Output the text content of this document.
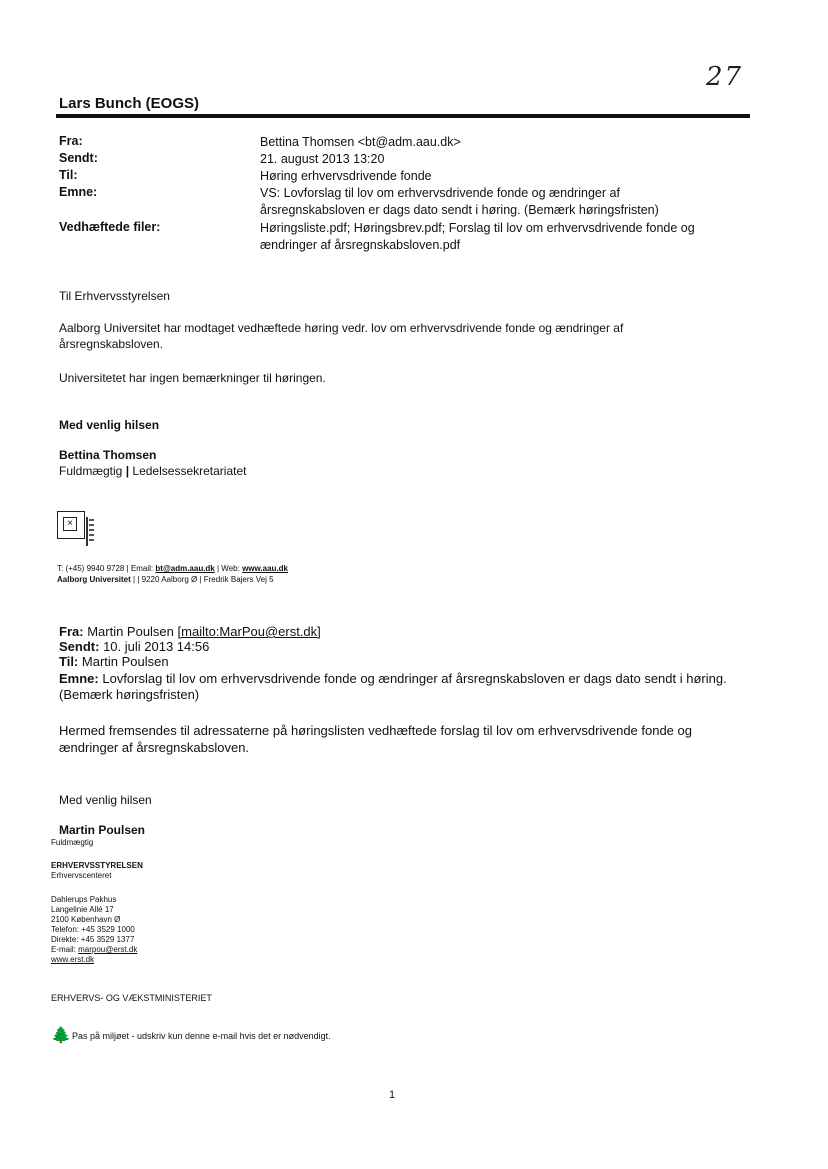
27
Lars Bunch (EOGS)
Fra:	Bettina Thomsen <bt@adm.aau.dk>
Sendt:	21. august 2013 13:20
Til:	Høring erhvervsdrivende fonde
Emne:	VS: Lovforslag til lov om erhvervsdrivende fonde og ændringer af
årsregnskabsloven er dags dato sendt i høring. (Bemærk høringsfristen)
Vedhæftede filer:	Høringsliste.pdf; Høringsbrev.pdf; Forslag til lov om erhvervsdrivende fonde og
ændringer af årsregnskabsloven.pdf
Til Erhvervsstyrelsen
Aalborg Universitet har modtaget vedhæftede høring vedr. lov om erhvervsdrivende fonde og ændringer af
årsregnskabsloven.
Universitetet har ingen bemærkninger til høringen.
Med venlig hilsen
Bettina Thomsen
Fuldmægtig | Ledelsessekretariatet
×
T: (+45) 9940 9728 | Email: bt@adm.aau.dk | Web: www.aau.dk
Aalborg Universitet | | 9220 Aalborg Ø | Fredrik Bajers Vej 5
Fra: Martin Poulsen [mailto:MarPou@erst.dk]
Sendt: 10. juli 2013 14:56
Til: Martin Poulsen
Emne: Lovforslag til lov om erhvervsdrivende fonde og ændringer af årsregnskabsloven er dags dato sendt i høring.
(Bemærk høringsfristen)
Hermed fremsendes til adressaterne på høringslisten vedhæftede forslag til lov om erhvervsdrivende fonde og
ændringer af årsregnskabsloven.
Med venlig hilsen
Martin Poulsen
Fuldmægtig
ERHVERVSSTYRELSEN
Erhvervscenteret
Dahlerups Pakhus
Langelinie Allé 17
2100 København Ø
Telefon: +45 3529 1000
Direkte: +45 3529 1377
E-mail: marpou@erst.dk
www.erst.dk
ERHVERVS- OG VÆKSTMINISTERIET
🌲 Pas på miljøet - udskriv kun denne e-mail hvis det er nødvendigt.
1
